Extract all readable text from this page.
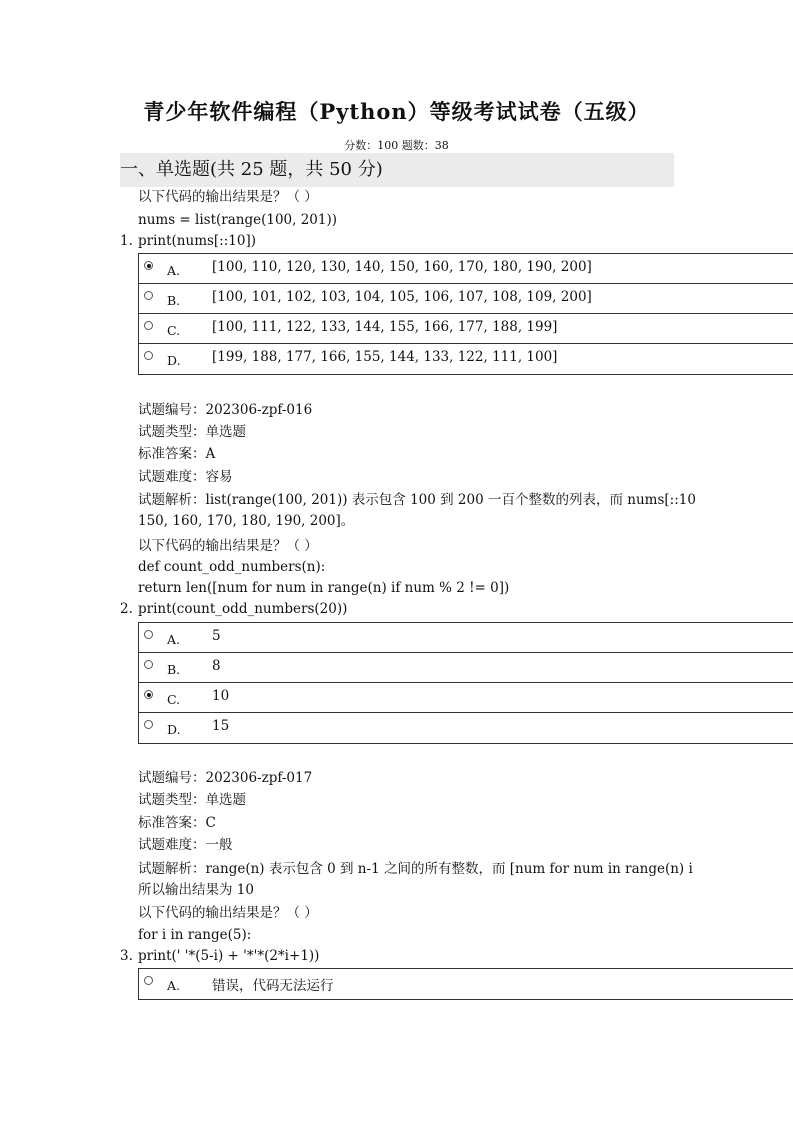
青少年软件编程（Python）等级考试试卷（五级）
分数：100 题数：38
一、单选题(共 25 题，共 50 分)
以下代码的输出结果是？（ ）
nums = list(range(100, 201))
1. print(nums[::10])
A. [100, 110, 120, 130, 140, 150, 160, 170, 180, 190, 200]
B. [100, 101, 102, 103, 104, 105, 106, 107, 108, 109, 200]
C. [100, 111, 122, 133, 144, 155, 166, 177, 188, 199]
D. [199, 188, 177, 166, 155, 144, 133, 122, 111, 100]
试题编号：202306-zpf-016
试题类型：单选题
标准答案：A
试题难度：容易
试题解析：list(range(100, 201)) 表示包含 100 到 200 一百个整数的列表，而 nums[::10
150, 160, 170, 180, 190, 200]。
以下代码的输出结果是？（ ）
def count_odd_numbers(n):
return len([num for num in range(n) if num % 2 != 0])
2. print(count_odd_numbers(20))
A. 5
B. 8
C. 10
D. 15
试题编号：202306-zpf-017
试题类型：单选题
标准答案：C
试题难度：一般
试题解析：range(n) 表示包含 0 到 n-1 之间的所有整数，而 [num for num in range(n) i
所以输出结果为 10
以下代码的输出结果是？（ ）
for i in range(5):
3. print(' '*(5-i) + '*'*(2*i+1))
A. 错误，代码无法运行
